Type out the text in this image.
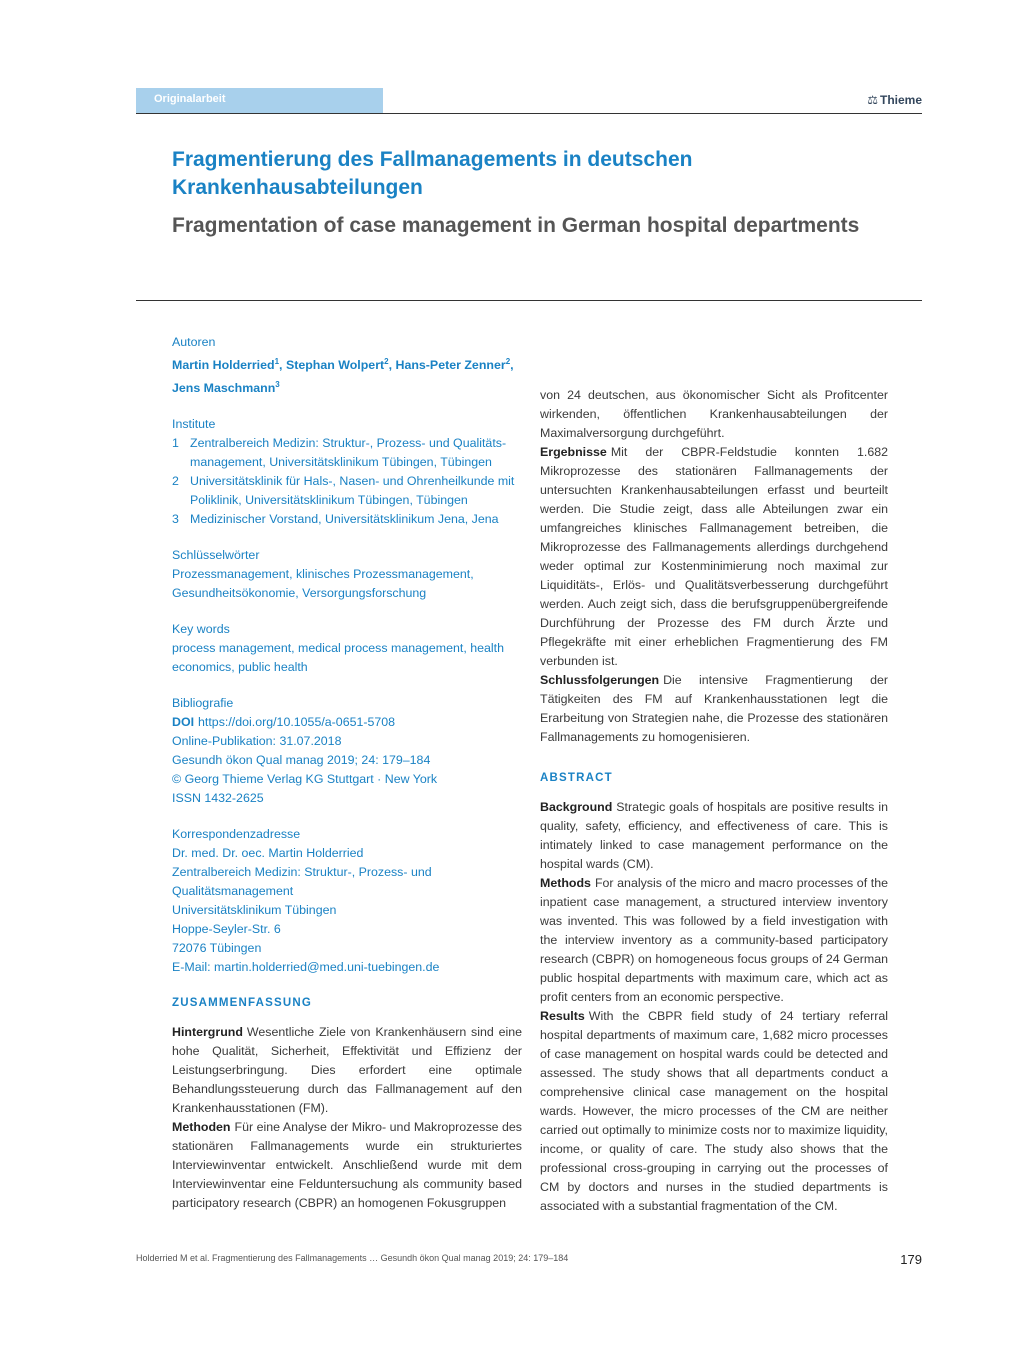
Originalarbeit	⚖ Thieme
Fragmentierung des Fallmanagements in deutschen Krankenhausabteilungen
Fragmentation of case management in German hospital departments

Autoren

Martin Holderried$^1$, Stephan Wolpert$^2$, Hans-Peter Zenner$^2$, Jens Maschmann$^3$

Institute

1 Zentralbereich Medizin: Struktur-, Prozess- und Qualitäts- management, Universitätsklinikum Tübingen, Tübingen
2 Universitätsklinik für Hals-, Nasen- und Ohrenheilkunde mit Poliklinik, Universitätsklinikum Tübingen, Tübingen
3 Medizinischer Vorstand, Universitätsklinikum Jena, Jena

Schlüsselwörter

Prozessmanagement, klinisches Prozessmanagement, Gesundheitsökonomie, Versorgungsforschung

Key words

process management, medical process management, health economics, public health

Bibliografie

DOI https://doi.org/10.1055/a-0651-5708

Online-Publikation: 31.07.2018

Gesundh ökon Qual manag 2019; 24: 179–184

© Georg Thieme Verlag KG Stuttgart · New York

ISSN 1432-2625

Korrespondenzadresse

Dr. med. Dr. oec. Martin Holderried

Zentralbereich Medizin: Struktur-, Prozess- und

Qualitätsmanagement

Universitätsklinikum Tübingen

Hoppe-Seyler-Str. 6

72076 Tübingen

E-Mail: martin.holderried@med.uni-tuebingen.de

ZUSAMMENFASSUNG

Hintergrund Wesentliche Ziele von Krankenhäusern sind eine hohe Qualität, Sicherheit, Effektivität und Effizienz der Leistungserbringung. Dies erfordert eine optimale Behandlungssteuerung durch das Fallmanagement auf den Krankenhausstationen (FM).

Methoden Für eine Analyse der Mikro- und Makroprozesse des stationären Fallmanagements wurde ein strukturiertes Interviewinventar entwickelt. Anschließend wurde mit dem Interviewinventar eine Felduntersuchung als community based participatory research (CBPR) an homogenen Fokusgruppen

von 24 deutschen, aus ökonomischer Sicht als Profitcenter wirkenden, öffentlichen Krankenhausabteilungen der Maximalversorgung durchgeführt.

Ergebnisse Mit der CBPR-Feldstudie konnten 1.682 Mikroprozesse des stationären Fallmanagements der untersuchten Krankenhausabteilungen erfasst und beurteilt werden. Die Studie zeigt, dass alle Abteilungen zwar ein umfangreiches klinisches Fallmanagement betreiben, die Mikroprozesse des Fallmanagements allerdings durchgehend weder optimal zur Kostenminimierung noch maximal zur Liquiditäts-, Erlös- und Qualitätsverbesserung durchgeführt werden. Auch zeigt sich, dass die berufsgruppenübergreifende Durchführung der Prozesse des FM durch Ärzte und Pflegekräfte mit einer erheblichen Fragmentierung des FM verbunden ist.

Schlussfolgerungen Die intensive Fragmentierung der Tätigkeiten des FM auf Krankenhausstationen legt die Erarbeitung von Strategien nahe, die Prozesse des stationären Fallmanagements zu homogenisieren.

ABSTRACT

Background Strategic goals of hospitals are positive results in quality, safety, efficiency, and effectiveness of care. This is intimately linked to case management performance on the hospital wards (CM).

Methods For analysis of the micro and macro processes of the inpatient case management, a structured interview inventory was invented. This was followed by a field investigation with the interview inventory as a community-based participatory research (CBPR) on homogeneous focus groups of 24 German public hospital departments with maximum care, which act as profit centers from an economic perspective.

Results With the CBPR field study of 24 tertiary referral hospital departments of maximum care, 1,682 micro processes of case management on hospital wards could be detected and assessed. The study shows that all departments conduct a comprehensive clinical case management on the hospital wards. However, the micro processes of the CM are neither carried out optimally to minimize costs nor to maximize liquidity, income, or quality of care. The study also shows that the professional cross-grouping in carrying out the processes of CM by doctors and nurses in the studied departments is associated with a substantial fragmentation of the CM.

Holderried M et al. Fragmentierung des Fallmanagements … Gesundh ökon Qual manag 2019; 24: 179–184	179
